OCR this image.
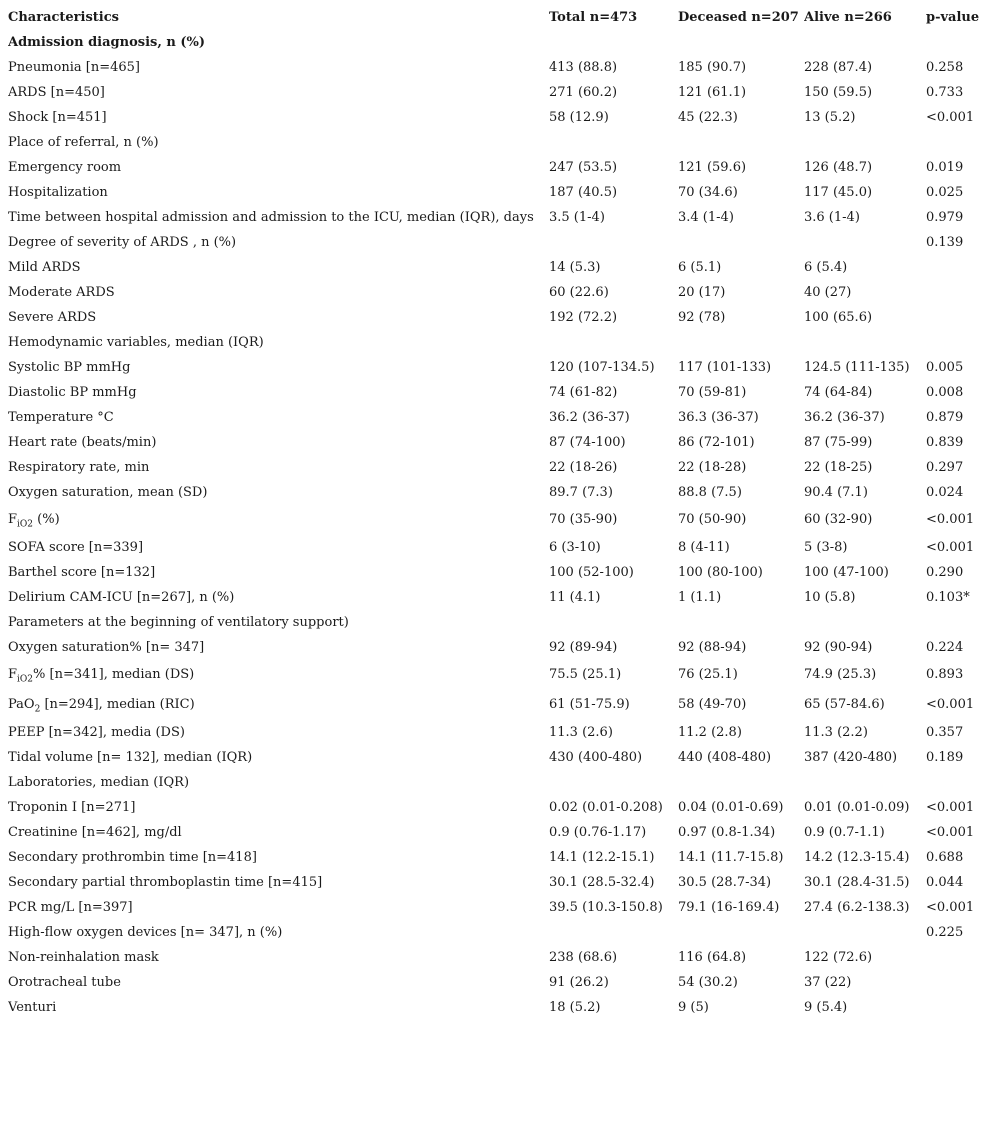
Characteristics	Total n=473	Deceased n=207	Alive n=266	p-value
Admission diagnosis, n (%)				
Pneumonia [n=465]	413 (88.8)	185 (90.7)	228 (87.4)	0.258
ARDS [n=450]	271 (60.2)	121 (61.1)	150 (59.5)	0.733
Shock [n=451]	58 (12.9)	45 (22.3)	13 (5.2)	<0.001
Place of referral, n (%)				
Emergency room	247 (53.5)	121 (59.6)	126 (48.7)	0.019
Hospitalization	187 (40.5)	70 (34.6)	117 (45.0)	0.025
Time between hospital admission and admission to the ICU, median (IQR), days	3.5 (1-4)	3.4 (1-4)	3.6 (1-4)	0.979
Degree of severity of ARDS , n (%)				0.139
Mild ARDS	14 (5.3)	6 (5.1)	6 (5.4)	
Moderate ARDS	60 (22.6)	20 (17)	40 (27)	
Severe ARDS	192 (72.2)	92 (78)	100 (65.6)	
Hemodynamic variables, median (IQR)				
Systolic BP mmHg	120 (107-134.5)	117 (101-133)	124.5 (111-135)	0.005
Diastolic BP mmHg	74 (61-82)	70 (59-81)	74 (64-84)	0.008
Temperature °C	36.2 (36-37)	36.3 (36-37)	36.2 (36-37)	0.879
Heart rate (beats/min)	87 (74-100)	86 (72-101)	87 (75-99)	0.839
Respiratory rate, min	22 (18-26)	22 (18-28)	22 (18-25)	0.297
Oxygen saturation, mean (SD)	89.7 (7.3)	88.8 (7.5)	90.4 (7.1)	0.024
$F_{iO2}$ (%)	70 (35-90)	70 (50-90)	60 (32-90)	<0.001
SOFA score [n=339]	6 (3-10)	8 (4-11)	5 (3-8)	<0.001
Barthel score [n=132]	100 (52-100)	100 (80-100)	100 (47-100)	0.290
Delirium CAM-ICU [n=267], n (%)	11 (4.1)	1 (1.1)	10 (5.8)	0.103*
Parameters at the beginning of ventilatory support)				
Oxygen saturation% [n= 347]	92 (89-94)	92 (88-94)	92 (90-94)	0.224
$F_{iO2}\%$ [n=341], median (DS)	75.5 (25.1)	76 (25.1)	74.9 (25.3)	0.893
PaO$_2$ [n=294], median (RIC)	61 (51-75.9)	58 (49-70)	65 (57-84.6)	<0.001
PEEP [n=342], media (DS)	11.3 (2.6)	11.2 (2.8)	11.3 (2.2)	0.357
Tidal volume [n= 132], median (IQR)	430 (400-480)	440 (408-480)	387 (420-480)	0.189
Laboratories, median (IQR)				
Troponin I [n=271]	0.02 (0.01-0.208)	0.04 (0.01-0.69)	0.01 (0.01-0.09)	<0.001
Creatinine [n=462], mg/dl	0.9 (0.76-1.17)	0.97 (0.8-1.34)	0.9 (0.7-1.1)	<0.001
Secondary prothrombin time [n=418]	14.1 (12.2-15.1)	14.1 (11.7-15.8)	14.2 (12.3-15.4)	0.688
Secondary partial thromboplastin time [n=415]	30.1 (28.5-32.4)	30.5 (28.7-34)	30.1 (28.4-31.5)	0.044
PCR mg/L [n=397]	39.5 (10.3-150.8)	79.1 (16-169.4)	27.4 (6.2-138.3)	<0.001
High-flow oxygen devices [n= 347], n (%)				0.225
Non-reinhalation mask	238 (68.6)	116 (64.8)	122 (72.6)	
Orotracheal tube	91 (26.2)	54 (30.2)	37 (22)	
Venturi	18 (5.2)	9 (5)	9 (5.4)	
